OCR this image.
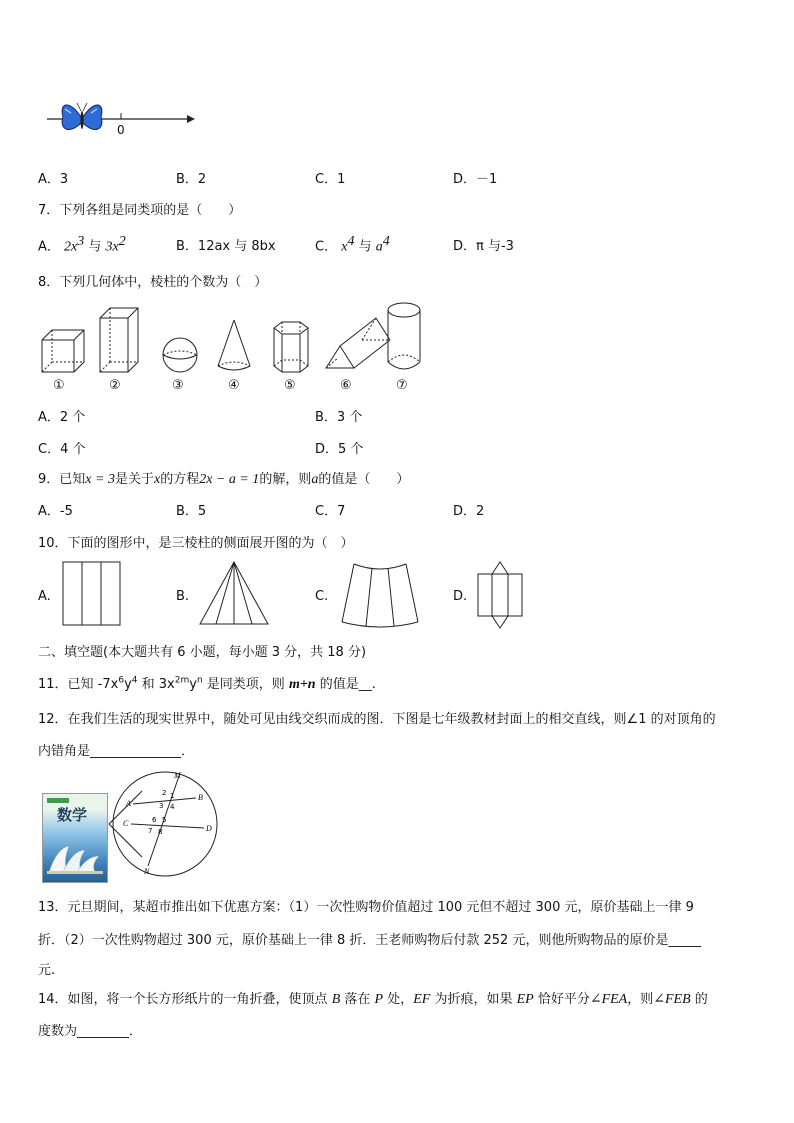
0
A．3	B．2	C．1	D．－1
7．下列各组是同类项的是（　　）
A． $2x^3$ 与 $3x^2$	B．12ax 与 8bx	C． $x^4$ 与 $a^4$	D．π 与-3
8．下列几何体中，棱柱的个数为（　）
①	②	③	④	⑤	⑥	⑦
A．2 个	B．3 个
C．4 个	D．5 个
9．已知x = 3是关于x的方程2x − a = 1的解，则a的值是（　　）
A．-5	B．5	C．7	D．2
10．下面的图形中，是三棱柱的侧面展开图的为（　）
A.	B.	C.	D.
二、填空题(本大题共有 6 小题，每小题 3 分，共 18 分)
11．已知 $-7x^6y^4$ 和 $3x^{2m}y^n$ 是同类项，则 m+n 的值是__.
12．在我们生活的现实世界中，随处可见由线交织而成的图．下图是七年级教材封面上的相交直线，则∠1 的对顶角的
内错角是______________．
数学
M
A
B
C
D
N
2 1
3 4
6 5
7 8
13．元旦期间，某超市推出如下优惠方案：（1）一次性购物价值超过 100 元但不超过 300 元，原价基础上一律 9
折．（2）一次性购物超过 300 元，原价基础上一律 8 折．王老师购物后付款 252 元，则他所购物品的原价是_____
元.
14．如图，将一个长方形纸片的一角折叠，使顶点 B 落在 P 处，EF 为折痕，如果 EP 恰好平分∠FEA，则∠FEB 的
度数为________．
